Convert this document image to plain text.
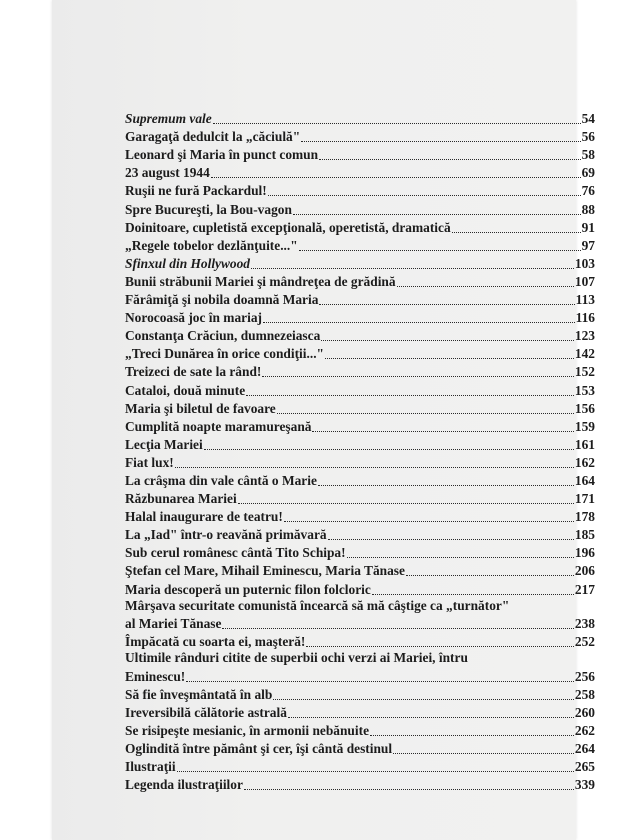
Supremum vale	54
Garagaţă dedulcit la „căciulă"	56
Leonard şi Maria în punct comun	58
23 august 1944	69
Ruşii ne fură Packardul!	76
Spre Bucureşti, la Bou-vagon	88
Doinitoare, cupletistă excepţională, operetistă, dramatică	91
„Regele tobelor dezlănţuite..."	97
Sfinxul din Hollywood	103
Bunii străbunii Mariei şi mândreţea de grădină	107
Fărâmiţă şi nobila doamnă Maria	113
Norocoasă joc în mariaj	116
Constanţa Crăciun, dumnezeiasca	123
„Treci Dunărea în orice condiţii..."	142
Treizeci de sate la rând!	152
Cataloi, două minute	153
Maria şi biletul de favoare	156
Cumplită noapte maramureşană	159
Lecţia Mariei	161
Fiat lux!	162
La crâşma din vale cântă o Marie	164
Răzbunarea Mariei	171
Halal inaugurare de teatru!	178
La „Iad" într-o reavănă primăvară	185
Sub cerul românesc cântă Tito Schipa!	196
Ştefan cel Mare, Mihail Eminescu, Maria Tănase	206
Maria descoperă un puternic filon folcloric	217
Mârşava securitate comunistă încearcă să mă câştige ca „turnător"
al Mariei Tănase	238
Împăcată cu soarta ei, maşteră!	252
Ultimile rânduri citite de superbii ochi verzi ai Mariei, întru
Eminescu!	256
Să fie înveşmântată în alb	258
Ireversibilă călătorie astrală	260
Se risipeşte mesianic, în armonii nebănuite	262
Oglindită între pământ şi cer, îşi cântă destinul	264
Ilustraţii	265
Legenda ilustraţiilor	339
